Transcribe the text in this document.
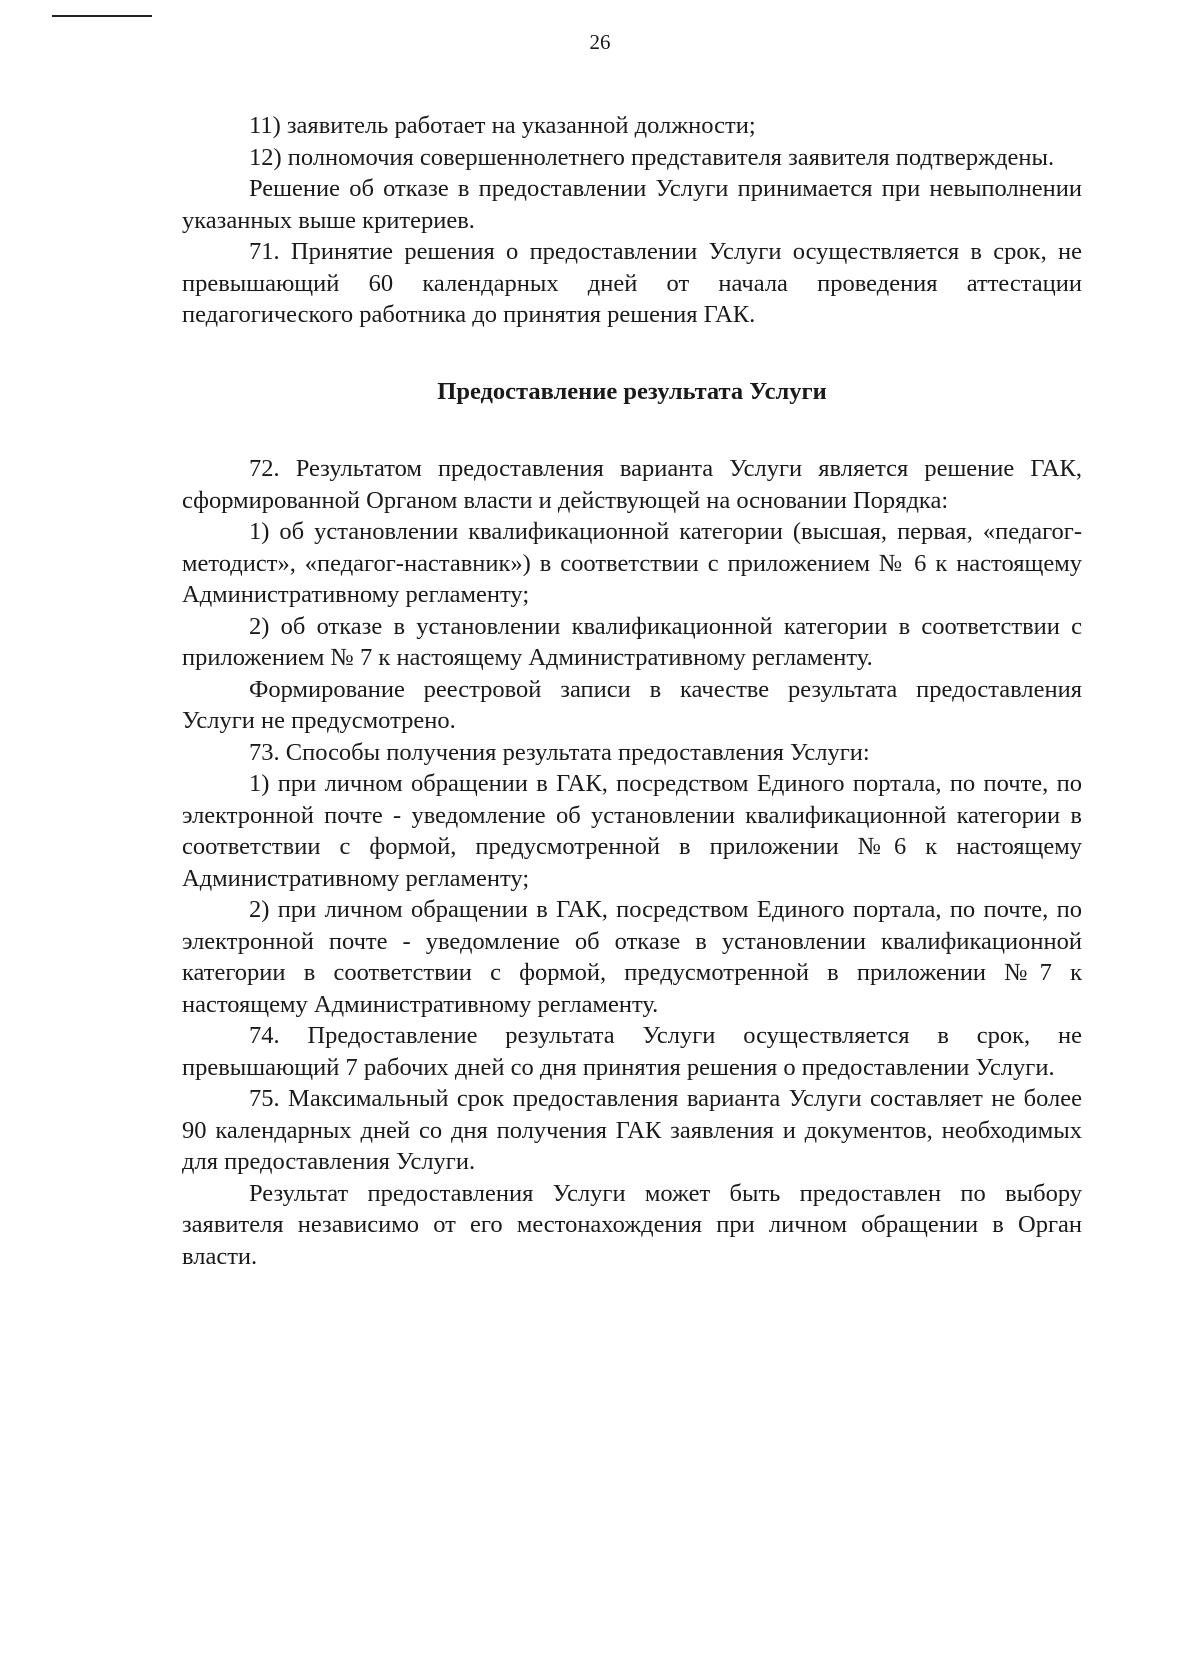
26

11) заявитель работает на указанной должности;

12) полномочия совершеннолетнего представителя заявителя подтверждены.

Решение об отказе в предоставлении Услуги принимается при невыполнении указанных выше критериев.

71. Принятие решения о предоставлении Услуги осуществляется в срок, не превышающий 60 календарных дней от начала проведения аттестации педагогического работника до принятия решения ГАК.

Предоставление результата Услуги

72. Результатом предоставления варианта Услуги является решение ГАК, сформированной Органом власти и действующей на основании Порядка:

1) об установлении квалификационной категории (высшая, первая, «педагог-методист», «педагог-наставник») в соответствии с приложением № 6 к настоящему Административному регламенту;

2) об отказе в установлении квалификационной категории в соответствии с приложением № 7 к настоящему Административному регламенту.

Формирование реестровой записи в качестве результата предоставления Услуги не предусмотрено.

73. Способы получения результата предоставления Услуги:

1) при личном обращении в ГАК, посредством Единого портала, по почте, по электронной почте - уведомление об установлении квалификационной категории в соответствии с формой, предусмотренной в приложении №6 к настоящему Административному регламенту;

2) при личном обращении в ГАК, посредством Единого портала, по почте, по электронной почте - уведомление об отказе в установлении квалификационной категории в соответствии с формой, предусмотренной в приложении №7 к настоящему Административному регламенту.

74. Предоставление результата Услуги осуществляется в срок, не превышающий 7 рабочих дней со дня принятия решения о предоставлении Услуги.

75. Максимальный срок предоставления варианта Услуги составляет не более 90 календарных дней со дня получения ГАК заявления и документов, необходимых для предоставления Услуги.

Результат предоставления Услуги может быть предоставлен по выбору заявителя независимо от его местонахождения при личном обращении в Орган власти.
